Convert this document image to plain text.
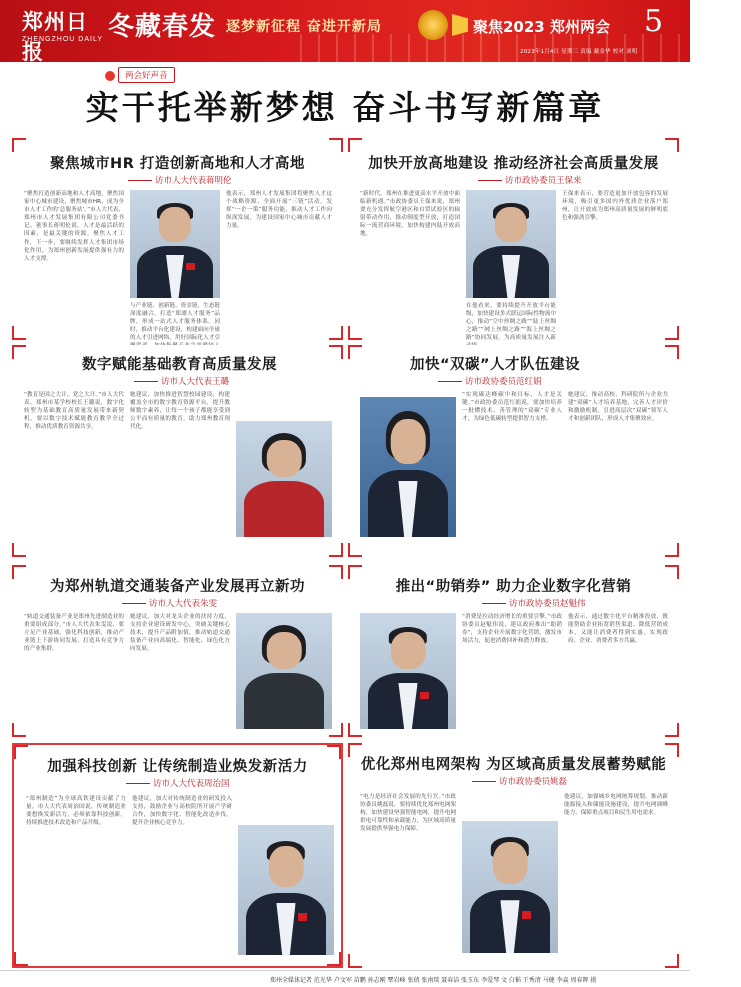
郑州日报
ZHENGZHOU DAILY 冬藏春发 逐梦新征程 奋进开新局	聚焦2023 郑州两会 5
2023年1月4日 星期三 责编 戴金华 校对 刘明
两会好声音
实干托举新梦想 奋斗书写新篇章
聚焦城市HR 打造创新高地和人才高地
访市人大代表蒋明伦
“聚焦打造创新高地和人才高地，聚焦国家中心城市建设，聚焦城市HR，成为全市人才工作的‘总服务站’。”市人大代表、郑州市人才发展集团有限公司党委书记、董事长蒋明伦说，人才是最活跃的因素，是最关键的资源。聚焦人才工作，下一步，要继续发挥人才集团市场化作用，为郑州创新发展提供强有力的人才支撑。
与产业链、创新链、资金链、生态链深度融合，打造“郑漂人才服务”品牌，形成一站式人才服务体系。同时，推动平台化建设，构建面向全球的人才引进网络，用好国际化人才引
他表示，郑州人才发展集团将聚焦人才这个战略资源，全面开展“三链”活动，发挥“一企一策”服务功能，推动人才工作向纵深发展，为建设国家中心城市贡献人才力量。
加快开放高地建设 推动经济社会高质量发展
访市政协委员王保来
“新时代，郑州在推进更高水平开放中面临新机遇。”市政协委员王保来说，郑州要充分发挥航空港区和自贸试验区的辐射带动作用，推动制度型开放，打造国际一流营商环境，加快构建内陆开放高地。
在他看来，要持续提升开放平台能级，加快建设多式联运国际性物流中心，推动“空中丝绸之路”“陆上丝绸之路”“网上丝绸之路”“海上丝绸之路”协同发展，为高质量发展注入新
王保来表示，要营造更加开放包容的发展环境，吸引更多国内外优质企业落户郑州，让开放成为郑州高质量发展的鲜明底色和强劲引擎。
数字赋能基础教育高质量发展
访市人大代表王璐
“教育是国之大计、党之大计。”市人大代表、郑州市某学校校长王璐说，数字化转型为基础教育高质量发展带来新契机，要以数字技术赋能教育教学全过程，推动优质教育资源共享。
她建议，加快推进智慧校园建设，构建覆盖全市的数字教育资源平台，提升教师数字素养，让每一个孩子都能享受到公平而有质量的教育，助力郑州教育现代化。
加快“双碳”人才队伍建设
访市政协委员范红娟
“实现碳达峰碳中和目标，人才是关键。”市政协委员范红娟说，要加快培养一批懂技术、善管理的“双碳”专业人才，为绿色低碳转型提供智力支撑。
她建议，推动高校、科研院所与企业共建“双碳”人才培养基地，完善人才评价和激励机制，引进高层次“双碳”领军人才和创新团队，形成人才集聚效应。
为郑州轨道交通装备产业发展再立新功
访市人大代表朱雯
“轨道交通装备产业是郑州先进制造业的重要组成部分。”市人大代表朱雯说，要立足产业基础，强化科技创新，推动产业链上下游协同发展，打造具有竞争力的产业集群。
她建议，加大对龙头企业的扶持力度，支持企业建设研发中心，突破关键核心技术，提升产品附加值，推动轨道交通装备产业向高端化、智能化、绿色化方向发展。
推出“助销券” 助力企业数字化营销
访市政协委员赵魁伟
“消费是拉动经济增长的重要引擎。”市政协委员赵魁伟说，建议政府推出“助销券”，支持企业开展数字化营销，激发市场活力，促进消费回补和潜力释放。
他表示，通过数字化平台精准投放，既能帮助企业拓宽销售渠道、降低营销成本，又能让消费者得到实惠，实现政府、企业、消费者多方共赢。
加强科技创新 让传统制造业焕发新活力
访市人大代表周治国
“郑州制造”为全球高铁建设贡献了力量。市人大代表周治国说，传统制造业要想焕发新活力，必须依靠科技创新，持续推进技术改造和产品升级。
他建议，加大对传统制造业的研发投入支持，鼓励企业与高校院所开展产学研合作，加快数字化、智能化改造步伐，提升企业核心竞争力。
优化郑州电网架构 为区域高质量发展蓄势赋能
访市政协委员姚磊
“电力是经济社会发展的先行官。”市政协委员姚磊说，要持续优化郑州电网架构，加快建设坚强智能电网，提升电网供电可靠性和承载能力，为区域高质量发展提供坚强电力保障。
他建议，加强城乡电网统筹规划，推动新能源接入和储能设施建设，提升电网调峰能力，保障重点项目和民生用电需求。
郑州全媒体记者 范光华 卢文军 苗鹏 孙志刚 覃岩峰 张倩 张南琰 聂春洁 张玉东 李爱琴 文 白韬 王秀清 马健 李焱 周春晖 摄
